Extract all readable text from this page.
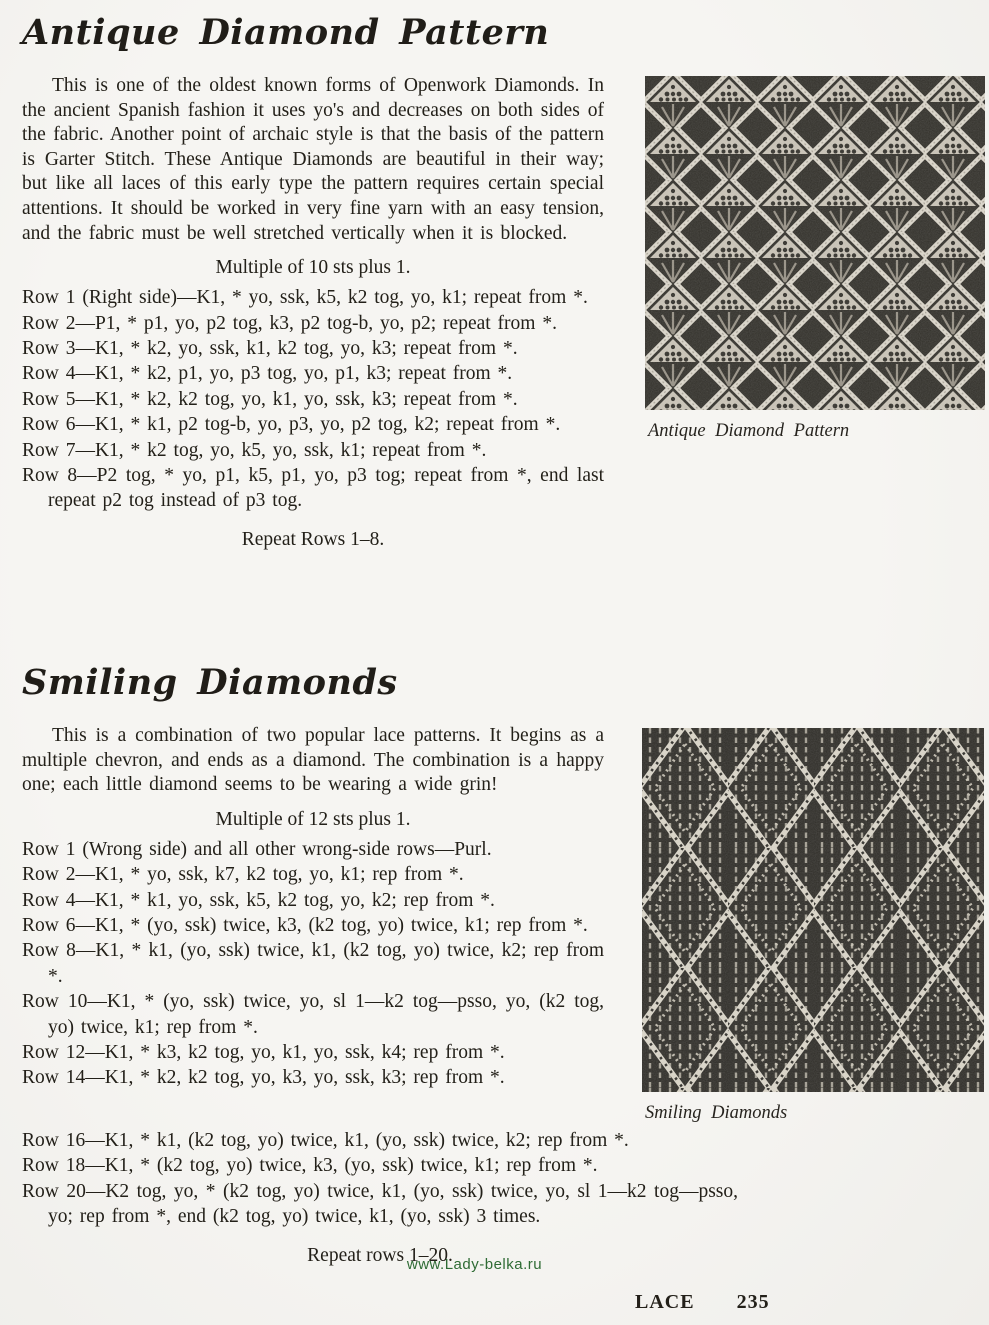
Antique Diamond Pattern

This is one of the oldest known forms of Openwork Diamonds. In the ancient Spanish fashion it uses yo's and decreases on both sides of the fabric. Another point of archaic style is that the basis of the pattern is Garter Stitch. These Antique Diamonds are beautiful in their way; but like all laces of this early type the pattern requires certain special attentions. It should be worked in very fine yarn with an easy tension, and the fabric must be well stretched vertically when it is blocked.

Multiple of 10 sts plus 1.

Row 1 (Right side)—K1, * yo, ssk, k5, k2 tog, yo, k1; repeat from *.

Row 2—P1, * p1, yo, p2 tog, k3, p2 tog-b, yo, p2; repeat from *.

Row 3—K1, * k2, yo, ssk, k1, k2 tog, yo, k3; repeat from *.

Row 4—K1, * k2, p1, yo, p3 tog, yo, p1, k3; repeat from *.

Row 5—K1, * k2, k2 tog, yo, k1, yo, ssk, k3; repeat from *.

Row 6—K1, * k1, p2 tog-b, yo, p3, yo, p2 tog, k2; repeat from *.

Row 7—K1, * k2 tog, yo, k5, yo, ssk, k1; repeat from *.

Row 8—P2 tog, * yo, p1, k5, p1, yo, p3 tog; repeat from *, end last repeat p2 tog instead of p3 tog.

Repeat Rows 1–8.

Antique Diamond Pattern
Smiling Diamonds

This is a combination of two popular lace patterns. It begins as a multiple chevron, and ends as a diamond. The combination is a happy one; each little diamond seems to be wearing a wide grin!

Multiple of 12 sts plus 1.

Row 1 (Wrong side) and all other wrong-side rows—Purl.

Row 2—K1, * yo, ssk, k7, k2 tog, yo, k1; rep from *.

Row 4—K1, * k1, yo, ssk, k5, k2 tog, yo, k2; rep from *.

Row 6—K1, * (yo, ssk) twice, k3, (k2 tog, yo) twice, k1; rep from *.

Row 8—K1, * k1, (yo, ssk) twice, k1, (k2 tog, yo) twice, k2; rep from *.

Row 10—K1, * (yo, ssk) twice, yo, sl 1—k2 tog—psso, yo, (k2 tog, yo) twice, k1; rep from *.

Row 12—K1, * k3, k2 tog, yo, k1, yo, ssk, k4; rep from *.

Row 14—K1, * k2, k2 tog, yo, k3, yo, ssk, k3; rep from *.

Smiling Diamonds

Row 16—K1, * k1, (k2 tog, yo) twice, k1, (yo, ssk) twice, k2; rep from *.

Row 18—K1, * (k2 tog, yo) twice, k3, (yo, ssk) twice, k1; rep from *.

Row 20—K2 tog, yo, * (k2 tog, yo) twice, k1, (yo, ssk) twice, yo, sl 1—k2 tog—psso, yo; rep from *, end (k2 tog, yo) twice, k1, (yo, ssk) 3 times.

Repeat rows 1–20.

www.Lady-belka.ru
LACE 235
